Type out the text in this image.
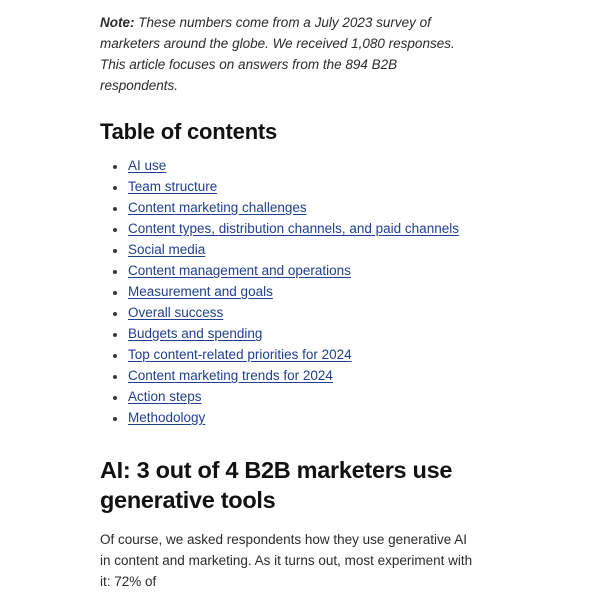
Note: These numbers come from a July 2023 survey of marketers around the globe. We received 1,080 responses. This article focuses on answers from the 894 B2B respondents.

Table of contents
AI use
Team structure
Content marketing challenges
Content types, distribution channels, and paid channels
Social media
Content management and operations
Measurement and goals
Overall success
Budgets and spending
Top content-related priorities for 2024
Content marketing trends for 2024
Action steps
Methodology
AI: 3 out of 4 B2B marketers use generative tools

Of course, we asked respondents how they use generative AI in content and marketing. As it turns out, most experiment with it: 72% of
